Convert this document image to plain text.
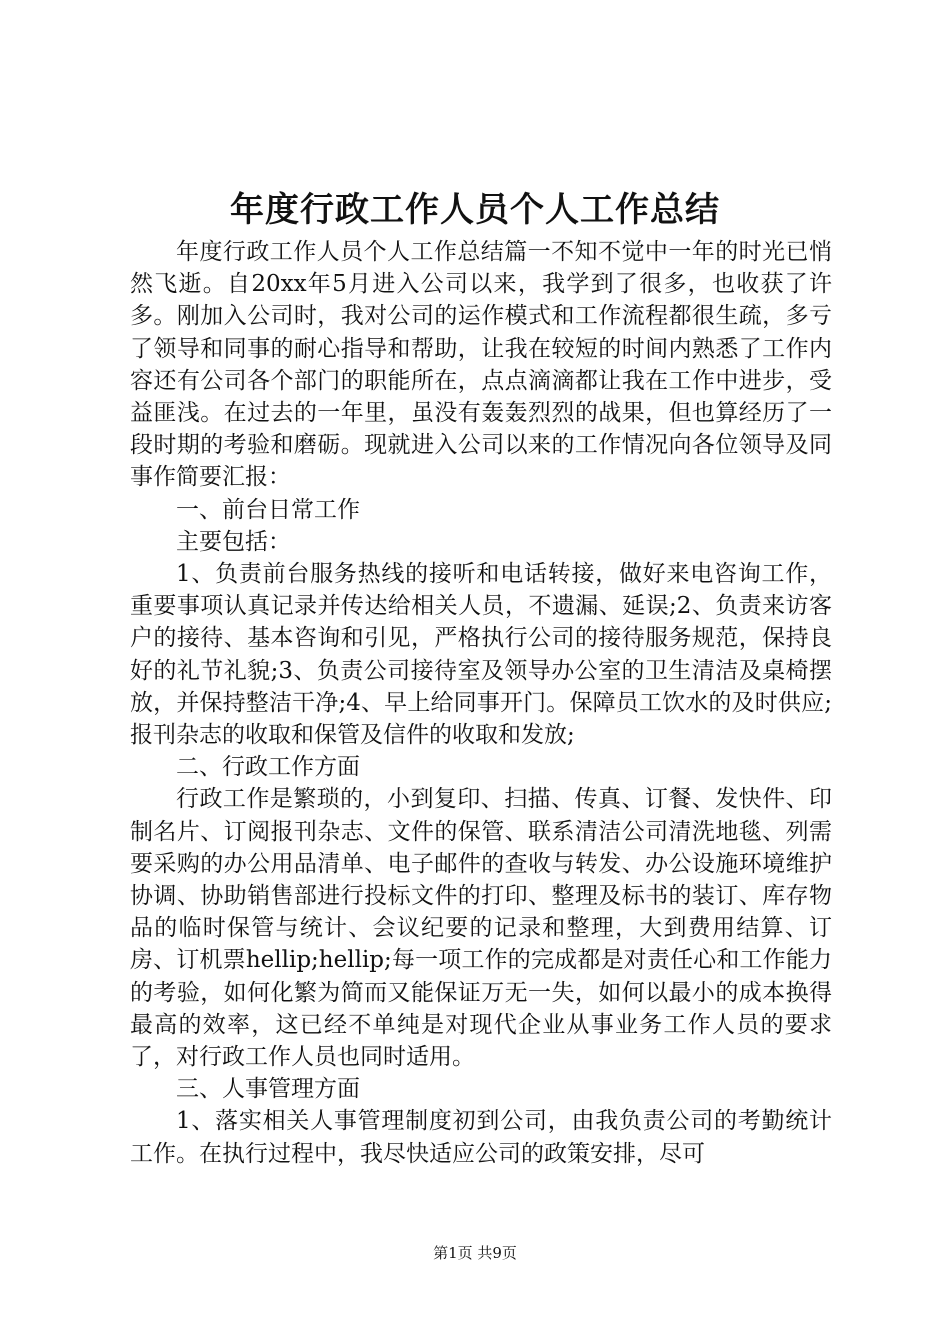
年度行政工作人员个人工作总结

年度行政工作人员个人工作总结篇一不知不觉中一年的时光已悄然飞逝。自20xx年5月进入公司以来，我学到了很多，也收获了许多。刚加入公司时，我对公司的运作模式和工作流程都很生疏，多亏了领导和同事的耐心指导和帮助，让我在较短的时间内熟悉了工作内容还有公司各个部门的职能所在，点点滴滴都让我在工作中进步，受益匪浅。在过去的一年里，虽没有轰轰烈烈的战果，但也算经历了一段时期的考验和磨砺。现就进入公司以来的工作情况向各位领导及同事作简要汇报：

一、前台日常工作

主要包括：

1、负责前台服务热线的接听和电话转接，做好来电咨询工作，重要事项认真记录并传达给相关人员，不遗漏、延误;2、负责来访客户的接待、基本咨询和引见，严格执行公司的接待服务规范，保持良好的礼节礼貌;3、负责公司接待室及领导办公室的卫生清洁及桌椅摆放，并保持整洁干净;4、早上给同事开门。保障员工饮水的及时供应;报刊杂志的收取和保管及信件的收取和发放;

二、行政工作方面

行政工作是繁琐的，小到复印、扫描、传真、订餐、发快件、印制名片、订阅报刊杂志、文件的保管、联系清洁公司清洗地毯、列需要采购的办公用品清单、电子邮件的查收与转发、办公设施环境维护协调、协助销售部进行投标文件的打印、整理及标书的装订、库存物品的临时保管与统计、会议纪要的记录和整理，大到费用结算、订房、订机票hellip;hellip;每一项工作的完成都是对责任心和工作能力的考验，如何化繁为简而又能保证万无一失，如何以最小的成本换得最高的效率，这已经不单纯是对现代企业从事业务工作人员的要求了，对行政工作人员也同时适用。

三、人事管理方面

1、落实相关人事管理制度初到公司，由我负责公司的考勤统计工作。在执行过程中，我尽快适应公司的政策安排，尽可

第1页 共9页
